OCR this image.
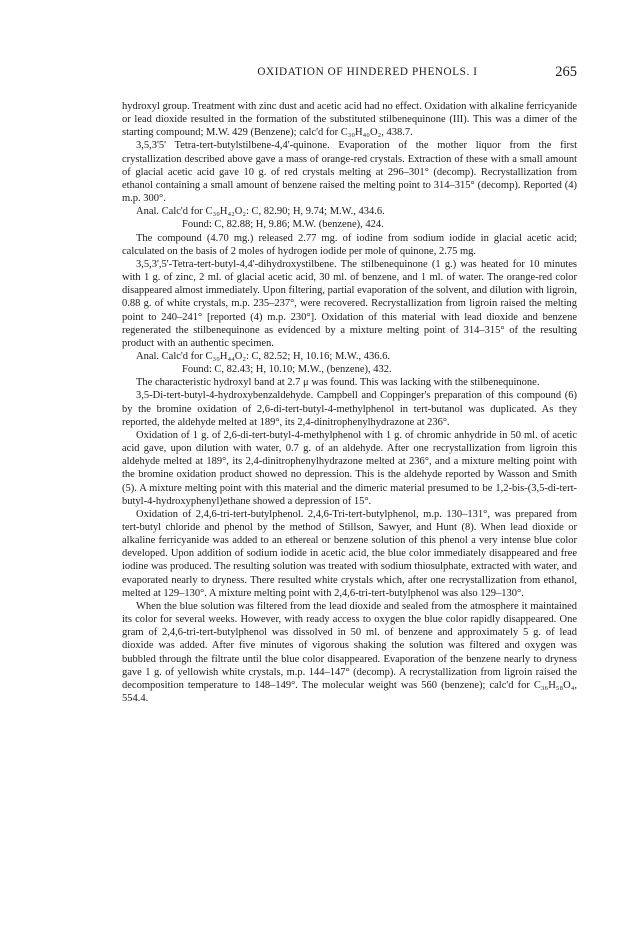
OXIDATION OF HINDERED PHENOLS. I	265

hydroxyl group. Treatment with zinc dust and acetic acid had no effect. Oxidation with alkaline ferricyanide or lead dioxide resulted in the formation of the substituted stilbenequinone (III). This was a dimer of the starting compound; M.W. 429 (Benzene); calc'd for C₃₀H₄₀O₂, 438.7.

3,5,3'5' Tetra-tert-butylstilbene-4,4'-quinone. Evaporation of the mother liquor from the first crystallization described above gave a mass of orange-red crystals. Extraction of these with a small amount of glacial acetic acid gave 10 g. of red crystals melting at 296–301° (decomp). Recrystallization from ethanol containing a small amount of benzene raised the melting point to 314–315° (decomp). Reported (4) m.p. 300°.

Anal. Calc'd for C₃₀H₄₂O₂: C, 82.90; H, 9.74; M.W., 434.6.

Found: C, 82.88; H, 9.86; M.W. (benzene), 424.

The compound (4.70 mg.) released 2.77 mg. of iodine from sodium iodide in glacial acetic acid; calculated on the basis of 2 moles of hydrogen iodide per mole of quinone, 2.75 mg.

3,5,3',5'-Tetra-tert-butyl-4,4'-dihydroxystilbene. The stilbenequinone (1 g.) was heated for 10 minutes with 1 g. of zinc, 2 ml. of glacial acetic acid, 30 ml. of benzene, and 1 ml. of water. The orange-red color disappeared almost immediately. Upon filtering, partial evaporation of the solvent, and dilution with ligroin, 0.88 g. of white crystals, m.p. 235–237°, were recovered. Recrystallization from ligroin raised the melting point to 240–241° [reported (4) m.p. 230°]. Oxidation of this material with lead dioxide and benzene regenerated the stilbenequinone as evidenced by a mixture melting point of 314–315° of the resulting product with an authentic specimen.

Anal. Calc'd for C₃₀H₄₄O₂: C, 82.52; H, 10.16; M.W., 436.6.

Found: C, 82.43; H, 10.10; M.W., (benzene), 432.

The characteristic hydroxyl band at 2.7 μ was found. This was lacking with the stilbenequinone.

3,5-Di-tert-butyl-4-hydroxybenzaldehyde. Campbell and Coppinger's preparation of this compound (6) by the bromine oxidation of 2,6-di-tert-butyl-4-methylphenol in tert-butanol was duplicated. As they reported, the aldehyde melted at 189°, its 2,4-dinitrophenylhydrazone at 236°.

Oxidation of 1 g. of 2,6-di-tert-butyl-4-methylphenol with 1 g. of chromic anhydride in 50 ml. of acetic acid gave, upon dilution with water, 0.7 g. of an aldehyde. After one recrystallization from ligroin this aldehyde melted at 189°, its 2,4-dinitrophenylhydrazone melted at 236°, and a mixture melting point with the bromine oxidation product showed no depression. This is the aldehyde reported by Wasson and Smith (5). A mixture melting point with this material and the dimeric material presumed to be 1,2-bis-(3,5-di-tert-butyl-4-hydroxyphenyl)ethane showed a depression of 15°.

Oxidation of 2,4,6-tri-tert-butylphenol. 2,4,6-Tri-tert-butylphenol, m.p. 130–131°, was prepared from tert-butyl chloride and phenol by the method of Stillson, Sawyer, and Hunt (8). When lead dioxide or alkaline ferricyanide was added to an ethereal or benzene solution of this phenol a very intense blue color developed. Upon addition of sodium iodide in acetic acid, the blue color immediately disappeared and free iodine was produced. The resulting solution was treated with sodium thiosulphate, extracted with water, and evaporated nearly to dryness. There resulted white crystals which, after one recrystallization from ethanol, melted at 129–130°. A mixture melting point with 2,4,6-tri-tert-butylphenol was also 129–130°.

When the blue solution was filtered from the lead dioxide and sealed from the atmosphere it maintained its color for several weeks. However, with ready access to oxygen the blue color rapidly disappeared. One gram of 2,4,6-tri-tert-butylphenol was dissolved in 50 ml. of benzene and approximately 5 g. of lead dioxide was added. After five minutes of vigorous shaking the solution was filtered and oxygen was bubbled through the filtrate until the blue color disappeared. Evaporation of the benzene nearly to dryness gave 1 g. of yellowish white crystals, m.p. 144–147° (decomp). A recrystallization from ligroin raised the decomposition temperature to 148–149°. The molecular weight was 560 (benzene); calc'd for C₃₆H₅₈O₄, 554.4.
